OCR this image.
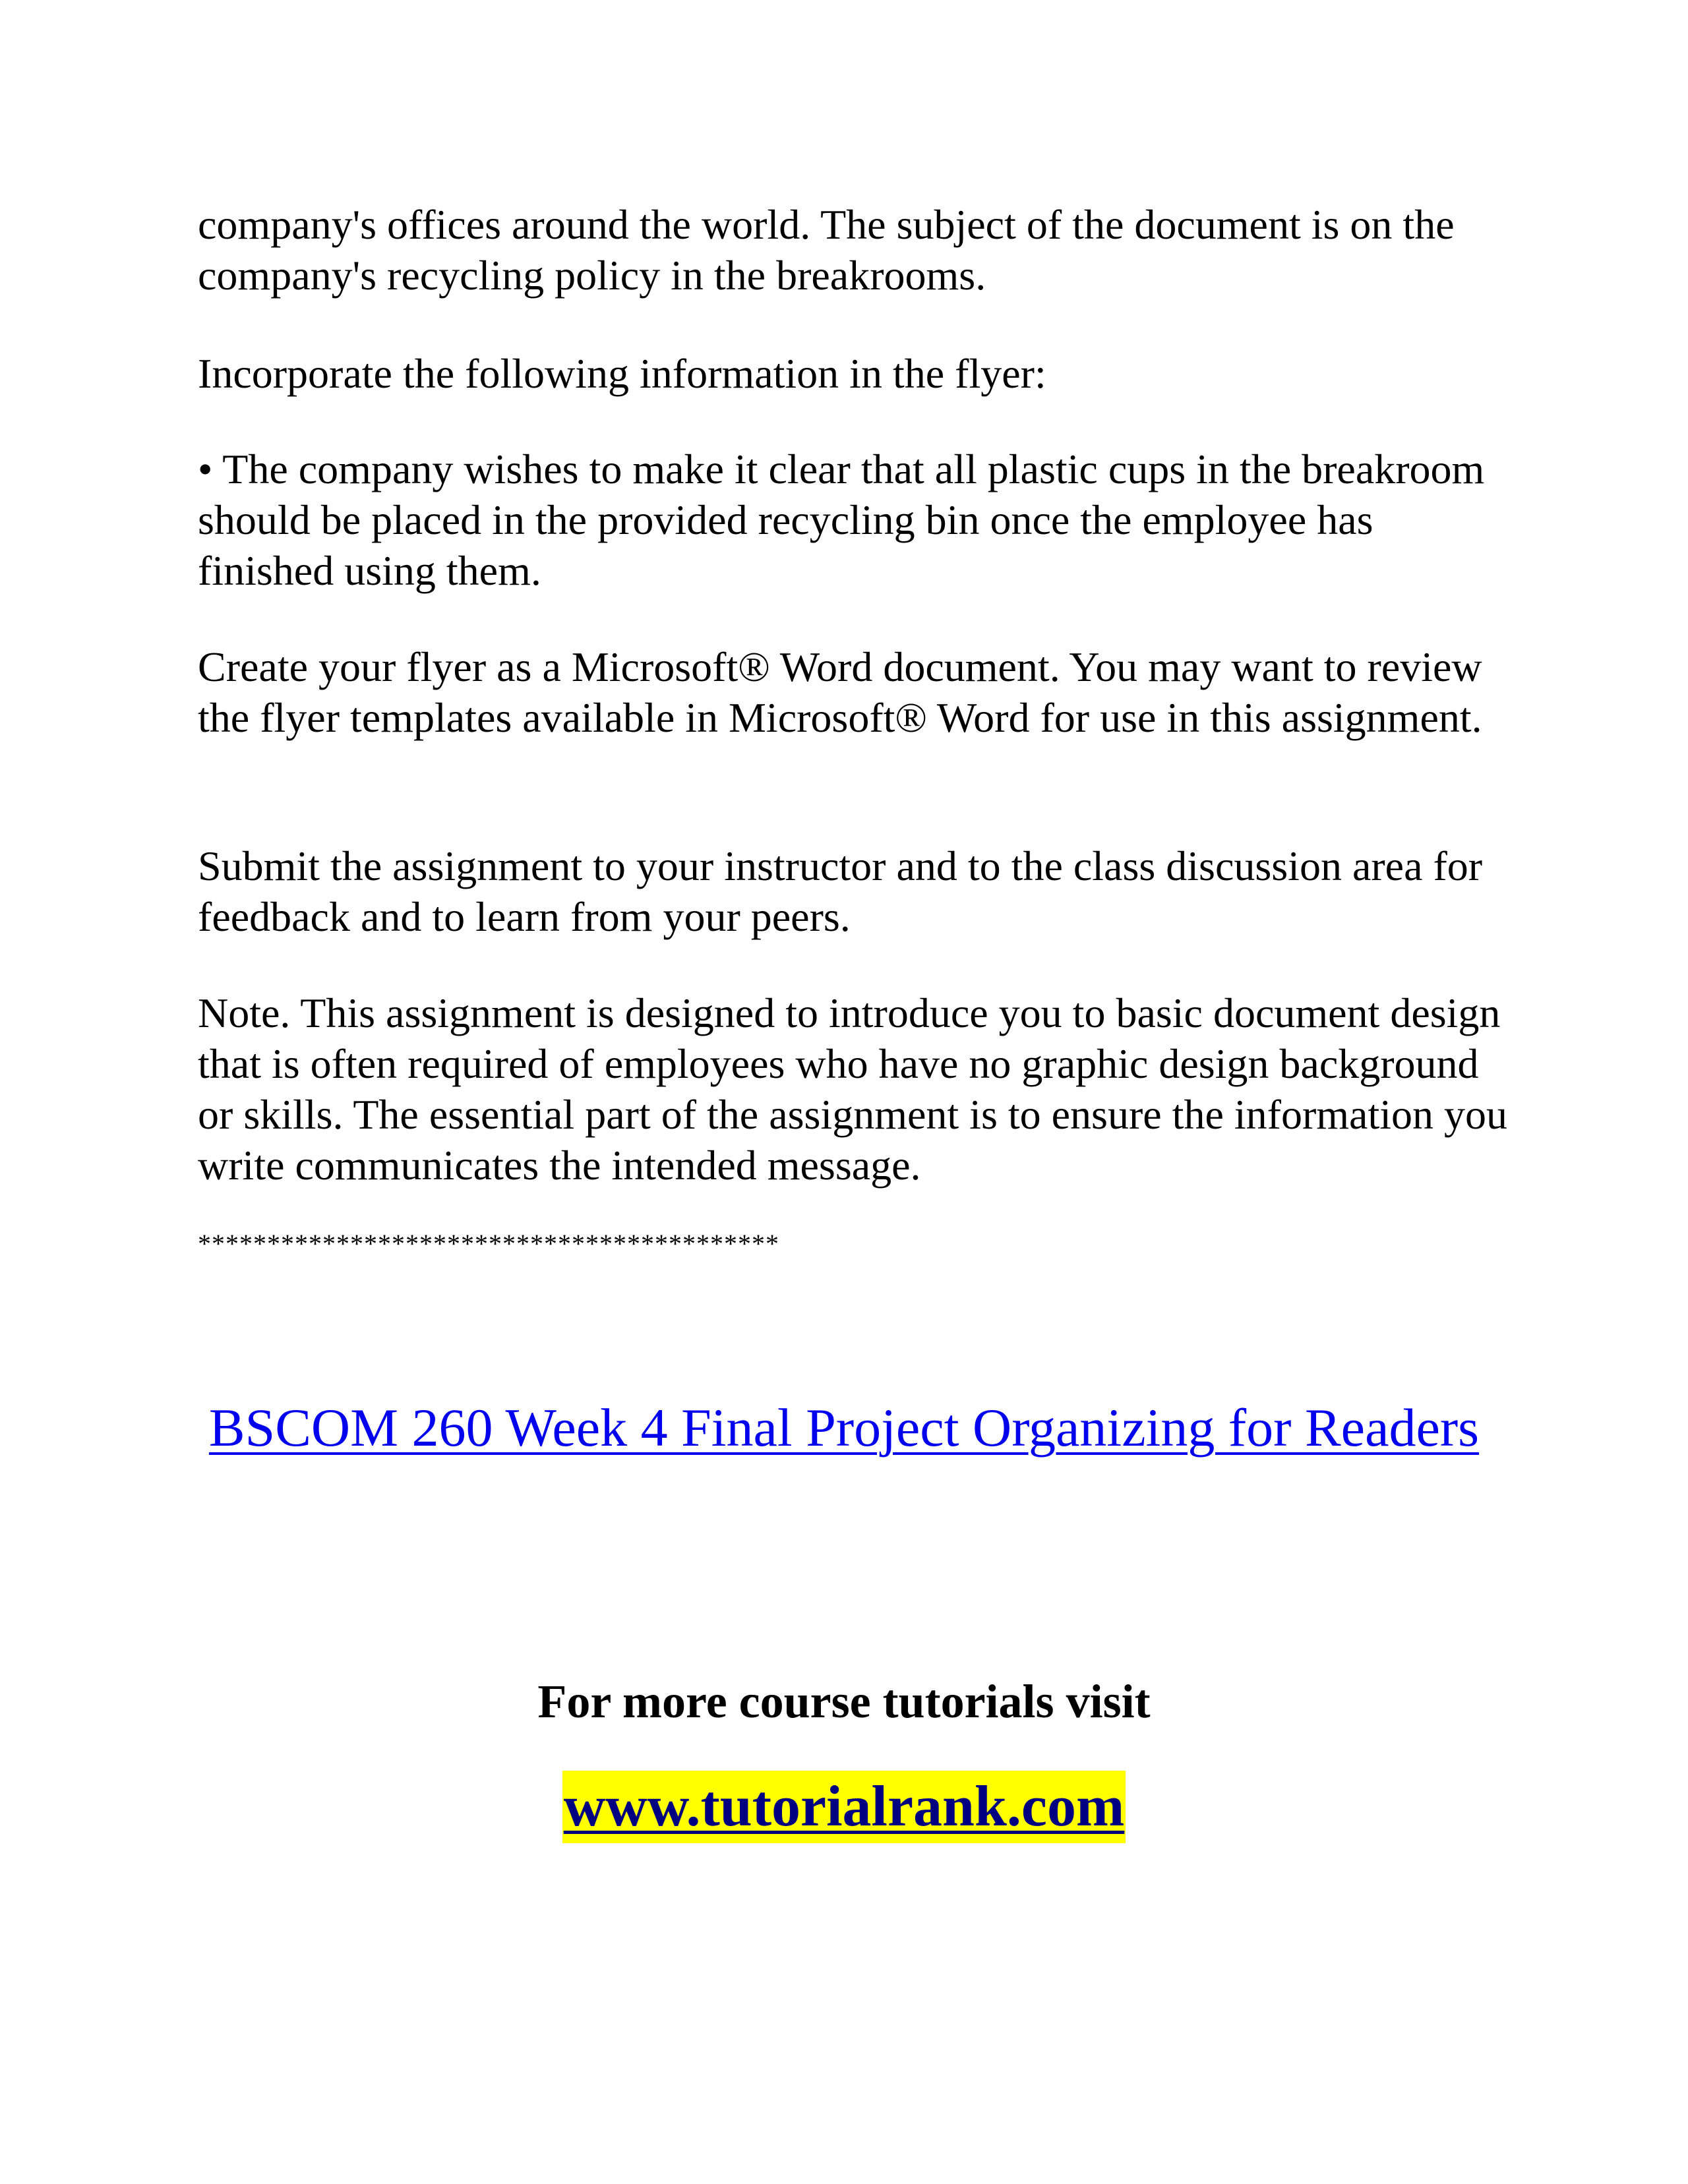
company's offices around the world. The subject of the document is on the company's recycling policy in the breakrooms.

Incorporate the following information in the flyer:

• The company wishes to make it clear that all plastic cups in the breakroom should be placed in the provided recycling bin once the employee has finished using them.

Create your flyer as a Microsoft® Word document. You may want to review the flyer templates available in Microsoft® Word for use in this assignment.

Submit the assignment to your instructor and to the class discussion area for feedback and to learn from your peers.

Note. This assignment is designed to introduce you to basic document design that is often required of employees who have no graphic design background or skills. The essential part of the assignment is to ensure the information you write communicates the intended message.

******************************************

BSCOM 260 Week 4 Final Project Organizing for Readers

For more course tutorials visit

www.tutorialrank.com
